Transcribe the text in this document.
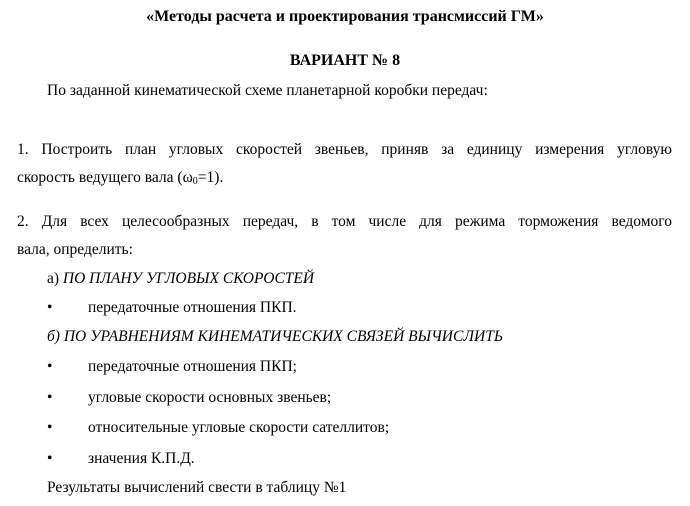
«Методы расчета и проектирования трансмиссий ГМ»
ВАРИАНТ № 8
По заданной кинематической схеме планетарной коробки передач:
1. Построить план угловых скоростей звеньев, приняв за единицу измерения угловую
скорость ведущего вала $(\omega_0=1)$.
2. Для всех целесообразных передач, в том числе для режима торможения ведомого
вала, определить:
а) ПО ПЛАНУ УГЛОВЫХ СКОРОСТЕЙ
• передаточные отношения ПКП.
б) ПО УРАВНЕНИЯМ КИНЕМАТИЧЕСКИХ СВЯЗЕЙ ВЫЧИСЛИТЬ
• передаточные отношения ПКП;
• угловые скорости основных звеньев;
• относительные угловые скорости сателлитов;
• значения К.П.Д.
Результаты вычислений свести в таблицу №1
